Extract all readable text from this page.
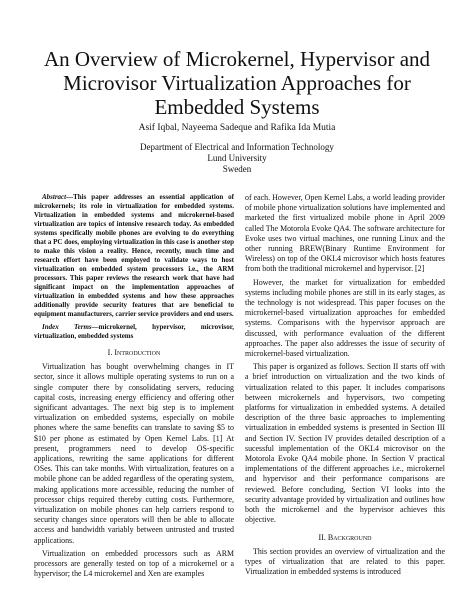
An Overview of Microkernel, Hypervisor and
Microvisor Virtualization Approaches for
Embedded Systems
Asif Iqbal, Nayeema Sadeque and Rafika Ida Mutia
Department of Electrical and Information Technology
Lund University
Sweden

Abstract—This paper addresses an essential application of microkernels; its role in virtualization for embedded systems. Virtualization in embedded systems and microkernel-based virtualization are topics of intensive research today. As embedded systems specifically mobile phones are evolving to do everything that a PC does, employing virtualization in this case is another step to make this vision a reality. Hence, recently, much time and research effort have been employed to validate ways to host virtualization on embedded system processors i.e., the ARM processors. This paper reviews the research work that have had significant impact on the implementation approaches of virtualization in embedded systems and how these approaches additionally provide security features that are beneficial to equipment manufacturers, carrier service providers and end users.

Index Terms—microkernel, hypervisor, microvisor, virtualization, embedded systems

I. Introduction

Virtualization has bought overwhelming changes in IT sector, since it allows multiple operating systems to run on a single computer there by consolidating servers, reducing capital costs, increasing energy efficiency and offering other significant advantages. The next big step is to implement virtualization on embedded systems, especially on mobile phones where the same benefits can translate to saving $5 to $10 per phone as estimated by Open Kernel Labs. [1] At present, programmers need to develop OS-specific applications, rewriting the same applications for different OSes. This can take months. With virtualization, features on a mobile phone can be added regardless of the operating system, making applications more accessible, reducing the number of processor chips required thereby cutting costs. Furthermore, virtualization on mobile phones can help carriers respond to security changes since operators will then be able to allocate access and bandwidth variably between untrusted and trusted applications.

Virtualization on embedded processors such as ARM processors are generally tested on top of a microkernel or a hypervisor; the L4 microkernel and Xen are examples

of each. However, Open Kernel Labs, a world leading provider of mobile phone virtualization solutions have implemented and marketed the first virtualized mobile phone in April 2009 called The Motorola Evoke QA4. The software architecture for Evoke uses two virtual machines, one running Linux and the other running BREW(Binary Runtime Environment for Wireless) on top of the OKL4 microvisor which hosts features from both the traditional microkernel and hypervisor. [2]

However, the market for virtualization for embedded systems including mobile phones are still in its early stages, as the technology is not widespread. This paper focuses on the microkernel-based virtualization approaches for embedded systems. Comparisons with the hypervisor approach are discussed, with performance evaluation of the different approaches. The paper also addresses the issue of security of microkernel-based virtualization.

This paper is organized as follows. Section II starts off with a brief introduction on virtualization and the two kinds of virtualization related to this paper. It includes comparisons between microkernels and hypervisors, two competing platforms for virtualization in embedded systems. A detailed description of the three basic approaches to implementing virtualization in embedded systems is presented in Section III and Section IV. Section IV provides detailed description of a sucessful implementation of the OKL4 microvisor on the Motorola Evoke QA4 mobile phone. In Section V practical implementations of the different approaches i.e., microkernel and hypervisor and their performance comparisons are reviewed. Before concluding, Section VI looks into the security advantage provided by virtualization and outlines how both the microkernel and the hypervisor achieves this objective.

II. Background

This section provides an overview of virtualization and the types of virtualization that are related to this paper. Virtualization in embedded systems is introduced
